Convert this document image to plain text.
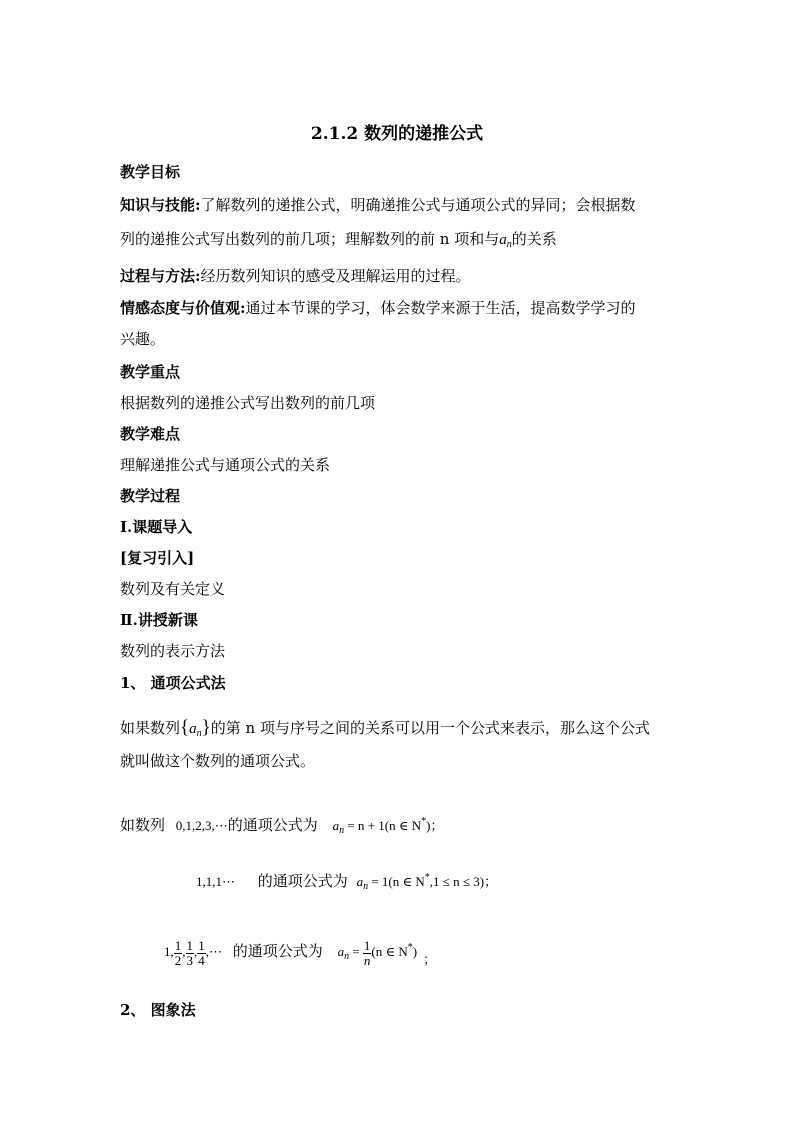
2.1.2 数列的递推公式
教学目标
知识与技能:了解数列的递推公式，明确递推公式与通项公式的异同；会根据数
列的递推公式写出数列的前几项；理解数列的前 n 项和与$a_n$的关系
过程与方法:经历数列知识的感受及理解运用的过程。
情感态度与价值观:通过本节课的学习，体会数学来源于生活，提高数学学习的
兴趣。
教学重点
根据数列的递推公式写出数列的前几项
教学难点
理解递推公式与通项公式的关系
教学过程
Ⅰ.课题导入
[复习引入]
数列及有关定义
Ⅱ.讲授新课
数列的表示方法
1、 通项公式法
如果数列$\{a_n\}$的第 n 项与序号之间的关系可以用一个公式来表示，那么这个公式
就叫做这个数列的通项公式。
如数列 0,1,2,3,⋯的通项公式为 $a_n = n + 1(n$ ∈ N*)；
1,1,1⋯ 的通项公式为 $a_n = 1(n$ ∈ N*,1 ≤ n ≤ 3)；
1, $\frac{1}{2}$ , $\frac{1}{3}$ , $\frac{1}{4}$ ,⋯ 的通项公式为 $a_n = \frac{1}{n} (n$ ∈ N*)；
2、 图象法
